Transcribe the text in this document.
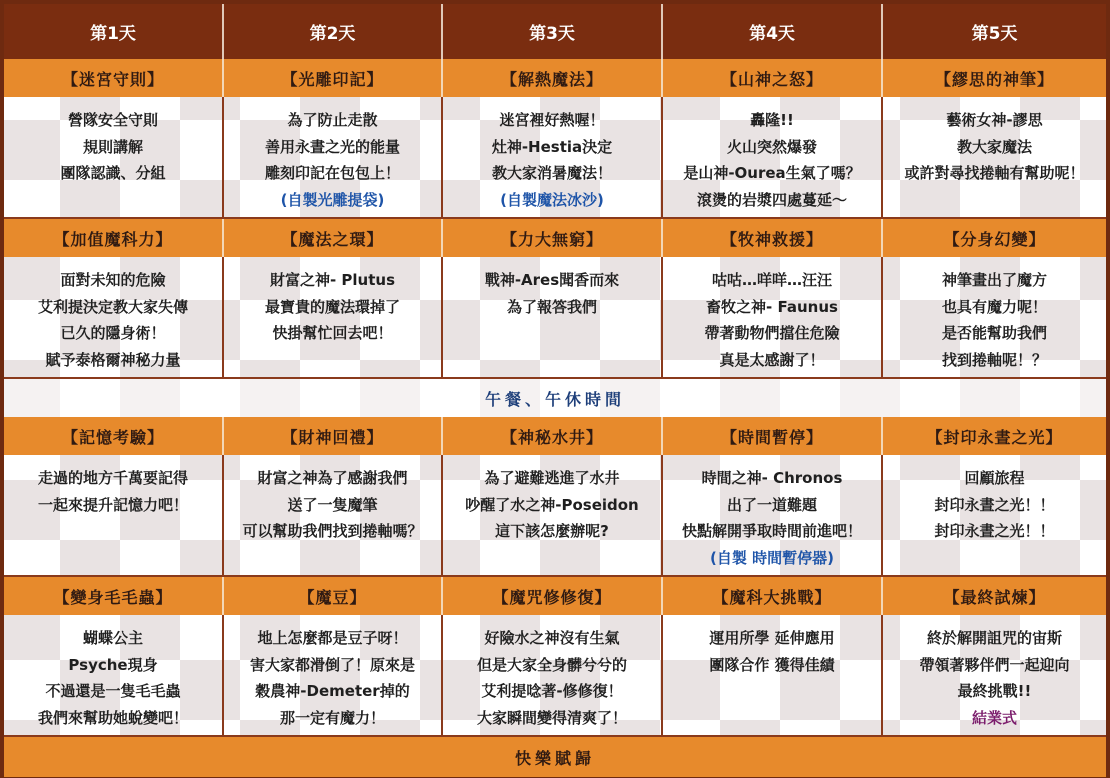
第1天	第2天	第3天	第4天	第5天
【迷宮守則】	【光雕印記】	【解熱魔法】	【山神之怒】	【繆思的神筆】

營隊安全守則
規則講解
團隊認識、分組	為了防止走散
善用永晝之光的能量
雕刻印記在包包上！
(自製光雕提袋)	迷宮裡好熱喔！
灶神-Hestia決定
教大家消暑魔法！
(自製魔法冰沙)	轟隆!!
火山突然爆發
是山神-Ourea生氣了嗎？
滾燙的岩漿四處蔓延～	藝術女神-謬思
教大家魔法
或許對尋找捲軸有幫助呢！

【加值魔科力】	【魔法之環】	【力大無窮】	【牧神救援】	【分身幻變】

面對未知的危險
艾利提決定教大家失傳
已久的隱身術！
賦予泰格爾神秘力量	財富之神- Plutus
最寶貴的魔法環掉了
快掛幫忙回去吧！	戰神-Ares聞香而來
為了報答我們	咕咕…咩咩…汪汪
畜牧之神- Faunus
帶著動物們擋住危險
真是太感謝了！	神筆畫出了魔方
也具有魔力呢！
是否能幫助我們
找到捲軸呢！？

午餐、午休時間				
【記憶考驗】	【財神回禮】	【神秘水井】	【時間暫停】	【封印永晝之光】

走過的地方千萬要記得
一起來提升記憶力吧！	財富之神為了感謝我們
送了一隻魔筆
可以幫助我們找到捲軸嗎？	為了避難逃進了水井
吵醒了水之神-Poseidon
這下該怎麼辦呢?	時間之神- Chronos
出了一道難題
快點解開爭取時間前進吧！
(自製 時間暫停器)	回顧旅程
封印永晝之光！！
封印永晝之光！！

【變身毛毛蟲】	【魔豆】	【魔咒修修復】	【魔科大挑戰】	【最終試煉】

蝴蝶公主
Psyche現身
不過還是一隻毛毛蟲
我們來幫助她蛻變吧！	地上怎麼都是豆子呀！
害大家都滑倒了！原來是
穀農神-Demeter掉的
那一定有魔力！	好險水之神沒有生氣
但是大家全身髒兮兮的
艾利提唸著-修修復！
大家瞬間變得清爽了！	運用所學 延伸應用
團隊合作 獲得佳績	終於解開詛咒的宙斯
帶領著夥伴們一起迎向
最終挑戰!!
結業式

快樂賦歸				
